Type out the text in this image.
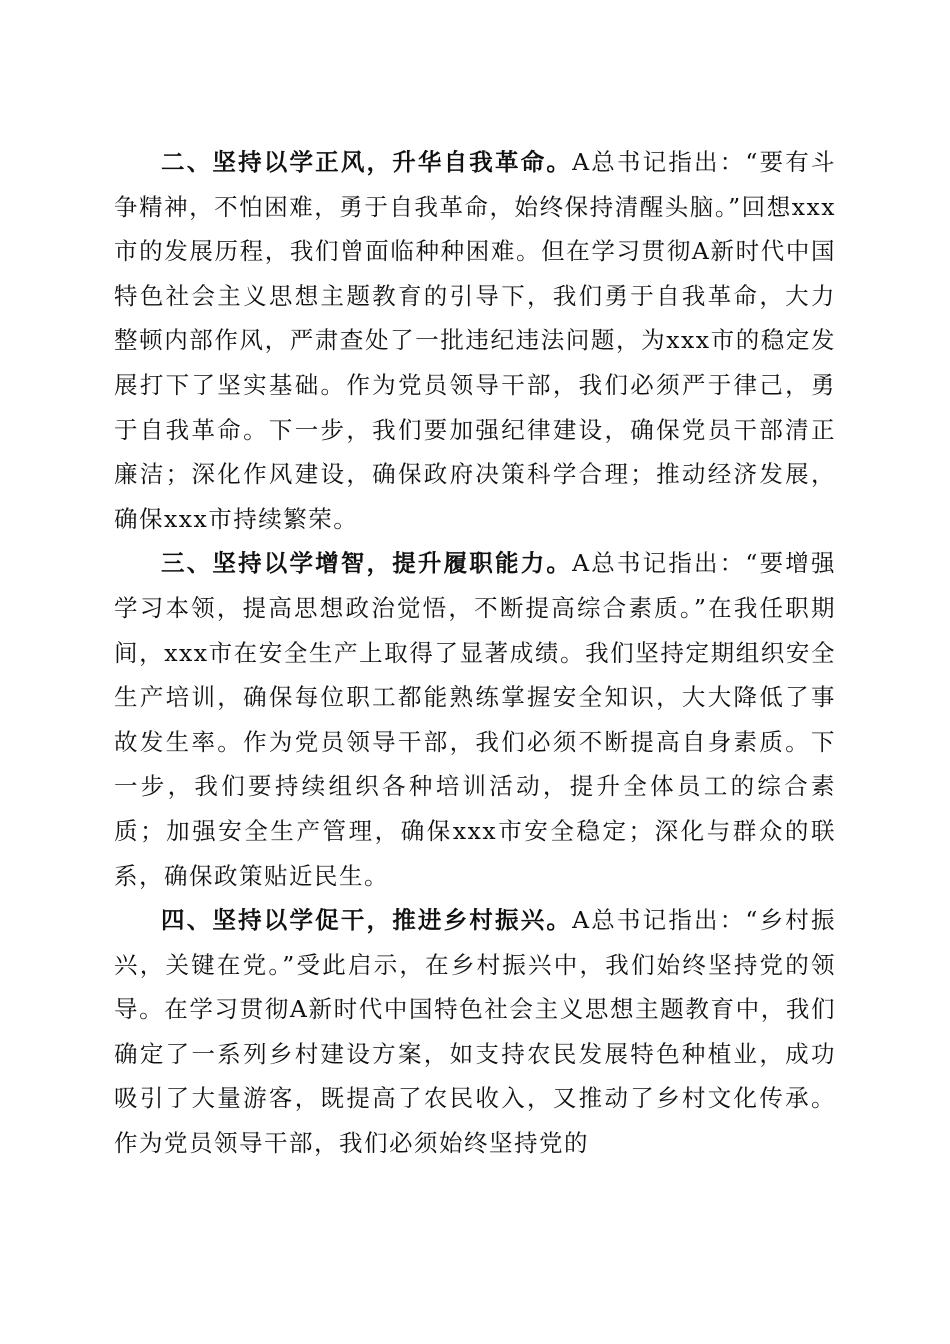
二、坚持以学正风，升华自我革命。A总书记指出：“要有斗争精神，不怕困难，勇于自我革命，始终保持清醒头脑。”回想xxx市的发展历程，我们曾面临种种困难。但在学习贯彻A新时代中国特色社会主义思想主题教育的引导下，我们勇于自我革命，大力整顿内部作风，严肃查处了一批违纪违法问题，为xxx市的稳定发展打下了坚实基础。作为党员领导干部，我们必须严于律己，勇于自我革命。下一步，我们要加强纪律建设，确保党员干部清正廉洁；深化作风建设，确保政府决策科学合理；推动经济发展，确保xxx市持续繁荣。

三、坚持以学增智，提升履职能力。A总书记指出：“要增强学习本领，提高思想政治觉悟，不断提高综合素质。”在我任职期间，xxx市在安全生产上取得了显著成绩。我们坚持定期组织安全生产培训，确保每位职工都能熟练掌握安全知识，大大降低了事故发生率。作为党员领导干部，我们必须不断提高自身素质。下一步，我们要持续组织各种培训活动，提升全体员工的综合素质；加强安全生产管理，确保xxx市安全稳定；深化与群众的联系，确保政策贴近民生。

四、坚持以学促干，推进乡村振兴。A总书记指出：“乡村振兴，关键在党。”受此启示，在乡村振兴中，我们始终坚持党的领导。在学习贯彻A新时代中国特色社会主义思想主题教育中，我们确定了一系列乡村建设方案，如支持农民发展特色种植业，成功吸引了大量游客，既提高了农民收入，又推动了乡村文化传承。作为党员领导干部，我们必须始终坚持党的
